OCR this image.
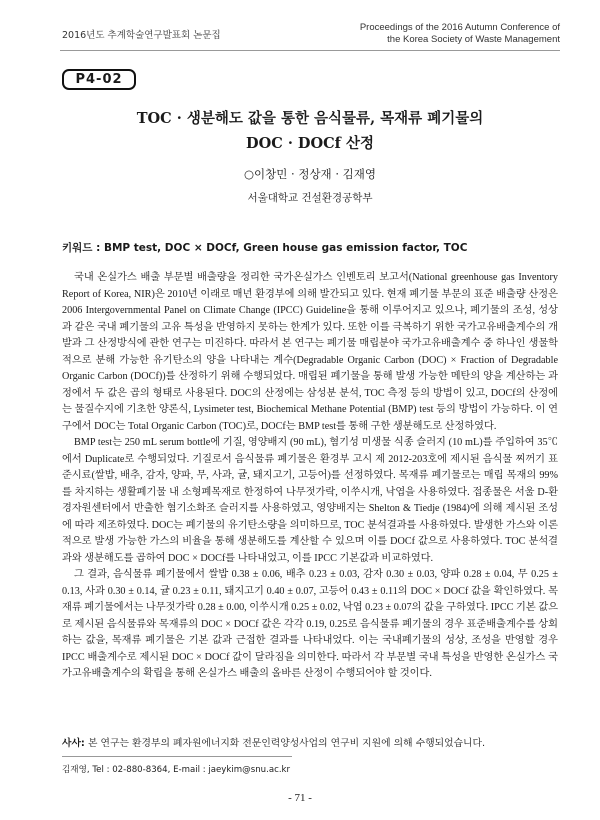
2016년도 추계학술연구발표회 논문집
Proceedings of the 2016 Autumn Conference of
the Korea Society of Waste Management
P4-02
TOC · 생분해도 값을 통한 음식물류, 목재류 폐기물의
DOC · DOCf 산정
○이창민 · 정상재 · 김재영
서울대학교 건설환경공학부
키워드 : BMP test, DOC × DOCf, Green house gas emission factor, TOC

국내 온실가스 배출 부문별 배출량을 정리한 국가온실가스 인벤토리 보고서(National greenhouse gas Inventory Report of Korea, NIR)은 2010년 이래로 매년 환경부에 의해 발간되고 있다. 현재 폐기물 부문의 표준 배출량 산정은 2006 Intergovernmental Panel on Climate Change (IPCC) Guideline을 통해 이루어지고 있으나, 폐기물의 조성, 성상과 같은 국내 폐기물의 고유 특성을 반영하지 못하는 한계가 있다. 또한 이를 극복하기 위한 국가고유배출계수의 개발과 그 산정방식에 관한 연구는 미진하다. 따라서 본 연구는 폐기물 매립분야 국가고유배출계수 중 하나인 생물학적으로 분해 가능한 유기탄소의 양을 나타내는 계수(Degradable Organic Carbon (DOC) × Fraction of Degradable Organic Carbon (DOCf))를 산정하기 위해 수행되었다. 매립된 폐기물을 통해 발생 가능한 메탄의 양을 계산하는 과정에서 두 값은 곱의 형태로 사용된다. DOC의 산정에는 삼성분 분석, TOC 측정 등의 방법이 있고, DOCf의 산정에는 물질수지에 기초한 양론식, Lysimeter test, Biochemical Methane Potential (BMP) test 등의 방법이 가능하다. 이 연구에서 DOC는 Total Organic Carbon (TOC)로, DOCf는 BMP test를 통해 구한 생분해도로 산정하였다.

BMP test는 250 mL serum bottle에 기질, 영양배지 (90 mL), 혐기성 미생물 식종 슬러지 (10 mL)를 주입하여 35℃에서 Duplicate로 수행되었다. 기질로서 음식물류 폐기물은 환경부 고시 제 2012-203호에 제시된 음식물 찌꺼기 표준시료(쌀밥, 배추, 감자, 양파, 무, 사과, 귤, 돼지고기, 고등어)를 선정하였다. 목재류 폐기물로는 매립 목재의 99%를 차지하는 생활폐기물 내 소형폐목재로 한정하여 나무젓가락, 이쑤시개, 낙엽을 사용하였다. 접종물은 서울 D-환경자원센터에서 반출한 혐기소화조 슬러지를 사용하였고, 영양배지는 Shelton & Tiedje (1984)에 의해 제시된 조성에 따라 제조하였다. DOC는 폐기물의 유기탄소량을 의미하므로, TOC 분석결과를 사용하였다. 발생한 가스와 이론적으로 발생 가능한 가스의 비율을 통해 생분해도를 계산할 수 있으며 이를 DOCf 값으로 사용하였다. TOC 분석결과와 생분해도를 곱하여 DOC × DOCf를 나타내었고, 이를 IPCC 기본값과 비교하였다.

그 결과, 음식물류 폐기물에서 쌀밥 0.38 ± 0.06, 배추 0.23 ± 0.03, 감자 0.30 ± 0.03, 양파 0.28 ± 0.04, 무 0.25 ± 0.13, 사과 0.30 ± 0.14, 귤 0.23 ± 0.11, 돼지고기 0.40 ± 0.07, 고등어 0.43 ± 0.11의 DOC × DOCf 값을 확인하였다. 목재류 폐기물에서는 나무젓가락 0.28 ± 0.00, 이쑤시개 0.25 ± 0.02, 낙엽 0.23 ± 0.07의 값을 구하였다. IPCC 기본 값으로 제시된 음식물류와 목재류의 DOC × DOCf 값은 각각 0.19, 0.25로 음식물류 폐기물의 경우 표준배출계수를 상회하는 값을, 목재류 폐기물은 기본 값과 근접한 결과를 나타내었다. 이는 국내폐기물의 성상, 조성을 반영할 경우 IPCC 배출계수로 제시된 DOC × DOCf 값이 달라짐을 의미한다. 따라서 각 부문별 국내 특성을 반영한 온실가스 국가고유배출계수의 확립을 통해 온실가스 배출의 올바른 산정이 수행되어야 할 것이다.

사사: 본 연구는 환경부의 폐자원에너지화 전문인력양성사업의 연구비 지원에 의해 수행되었습니다.
김재영, Tel : 02-880-8364, E-mail : jaeykim@snu.ac.kr
- 71 -
